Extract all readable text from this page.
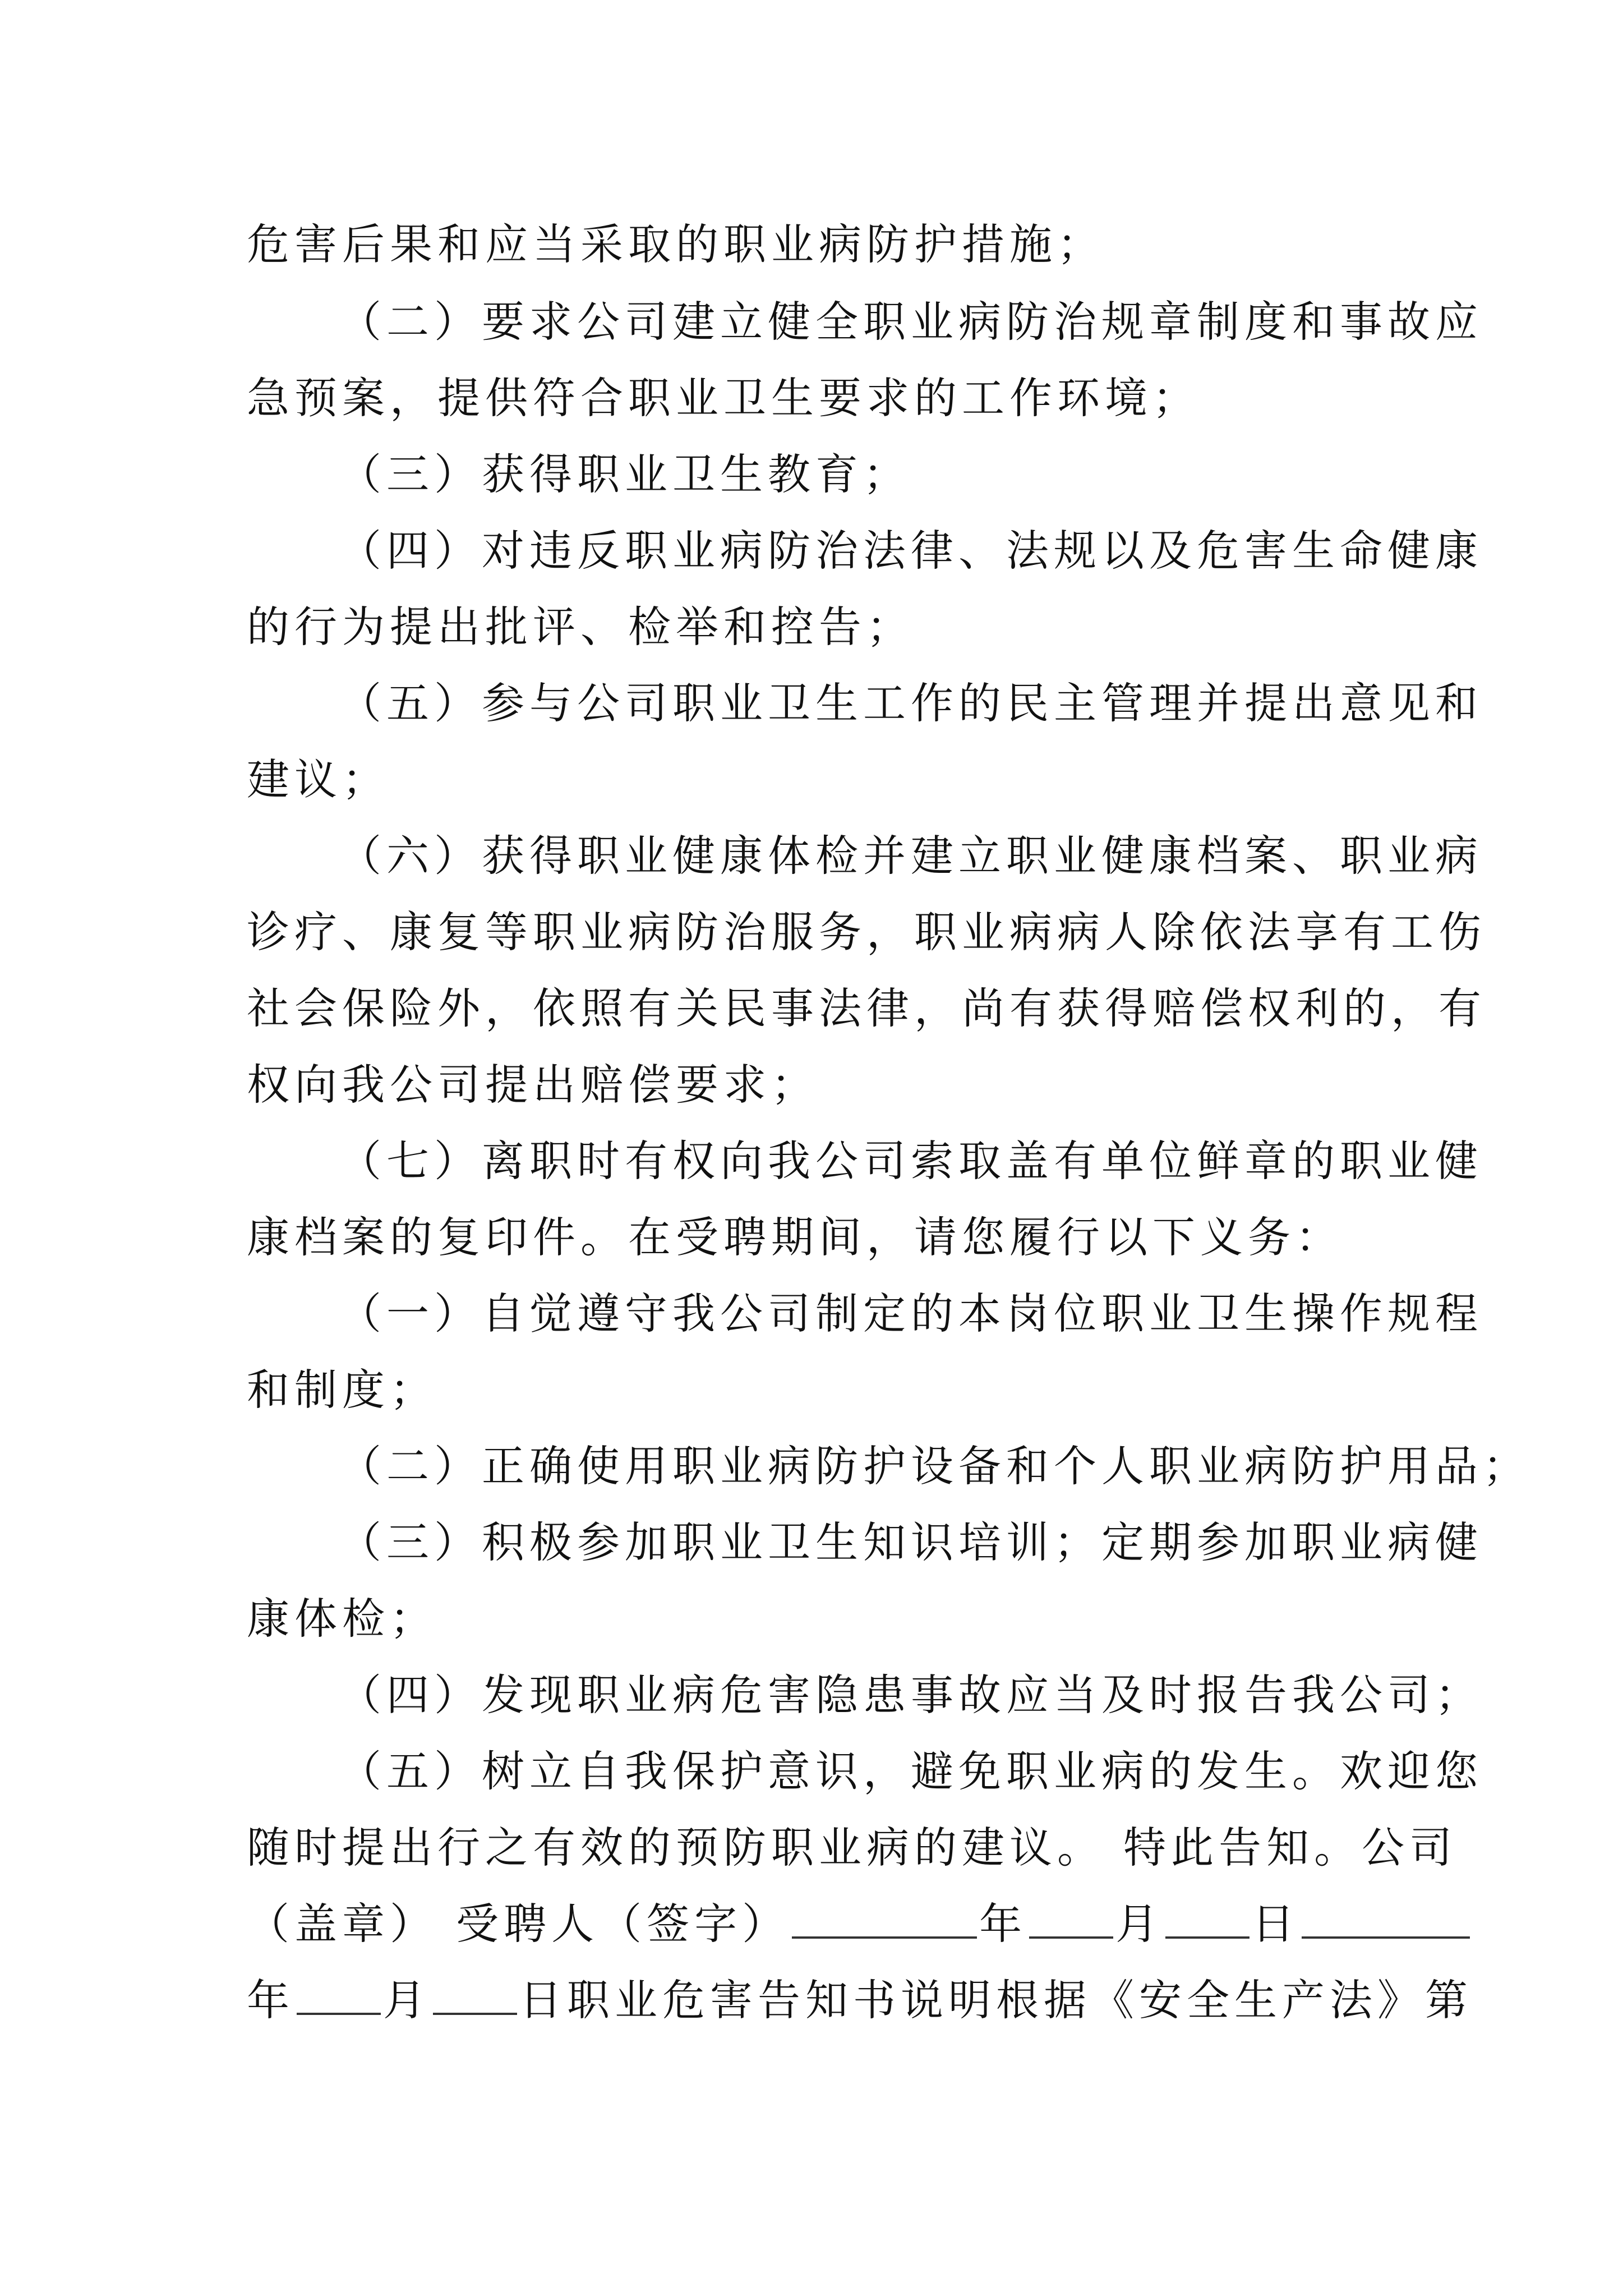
危害后果和应当采取的职业病防护措施；
（二）要求公司建立健全职业病防治规章制度和事故应
急预案，提供符合职业卫生要求的工作环境；
（三）获得职业卫生教育；
（四）对违反职业病防治法律、法规以及危害生命健康
的行为提出批评、检举和控告；
（五）参与公司职业卫生工作的民主管理并提出意见和
建议；
（六）获得职业健康体检并建立职业健康档案、职业病
诊疗、康复等职业病防治服务，职业病病人除依法享有工伤
社会保险外，依照有关民事法律，尚有获得赔偿权利的，有
权向我公司提出赔偿要求；
（七）离职时有权向我公司索取盖有单位鲜章的职业健
康档案的复印件。在受聘期间，请您履行以下义务：
（一）自觉遵守我公司制定的本岗位职业卫生操作规程
和制度；
（二）正确使用职业病防护设备和个人职业病防护用品；
（三）积极参加职业卫生知识培训；定期参加职业病健
康体检；
（四）发现职业病危害隐患事故应当及时报告我公司；
（五）树立自我保护意识，避免职业病的发生。欢迎您
随时提出行之有效的预防职业病的建议。 特此告知。公司
（盖章） 受聘人（签字）	年 月 日
年 月 日职业危害告知书说明根据《安全生产法》第
